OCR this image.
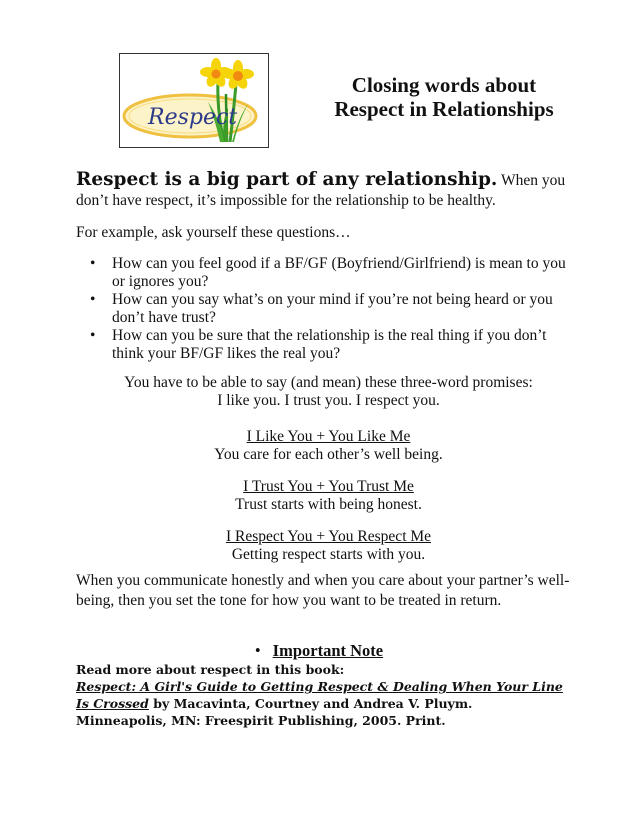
Respect
Closing words about
Respect in Relationships
Respect is a big part of any relationship. When you don’t have respect, it’s impossible for the relationship to be healthy.
For example, ask yourself these questions…
• How can you feel good if a BF/GF (Boyfriend/Girlfriend) is mean to you or ignores you?
• How can you say what’s on your mind if you’re not being heard or you don’t have trust?
• How can you be sure that the relationship is the real thing if you don’t think your BF/GF likes the real you?
You have to be able to say (and mean) these three-word promises:
I like you. I trust you. I respect you.
I Like You + You Like Me
You care for each other’s well being.
I Trust You + You Trust Me
Trust starts with being honest.
I Respect You + You Respect Me
Getting respect starts with you.
When you communicate honestly and when you care about your partner’s well-being, then you set the tone for how you want to be treated in return.
• Important Note
Read more about respect in this book:
Respect: A Girl's Guide to Getting Respect & Dealing When Your Line Is Crossed by Macavinta, Courtney and Andrea V. Pluym. Minneapolis, MN: Freespirit Publishing, 2005. Print.
